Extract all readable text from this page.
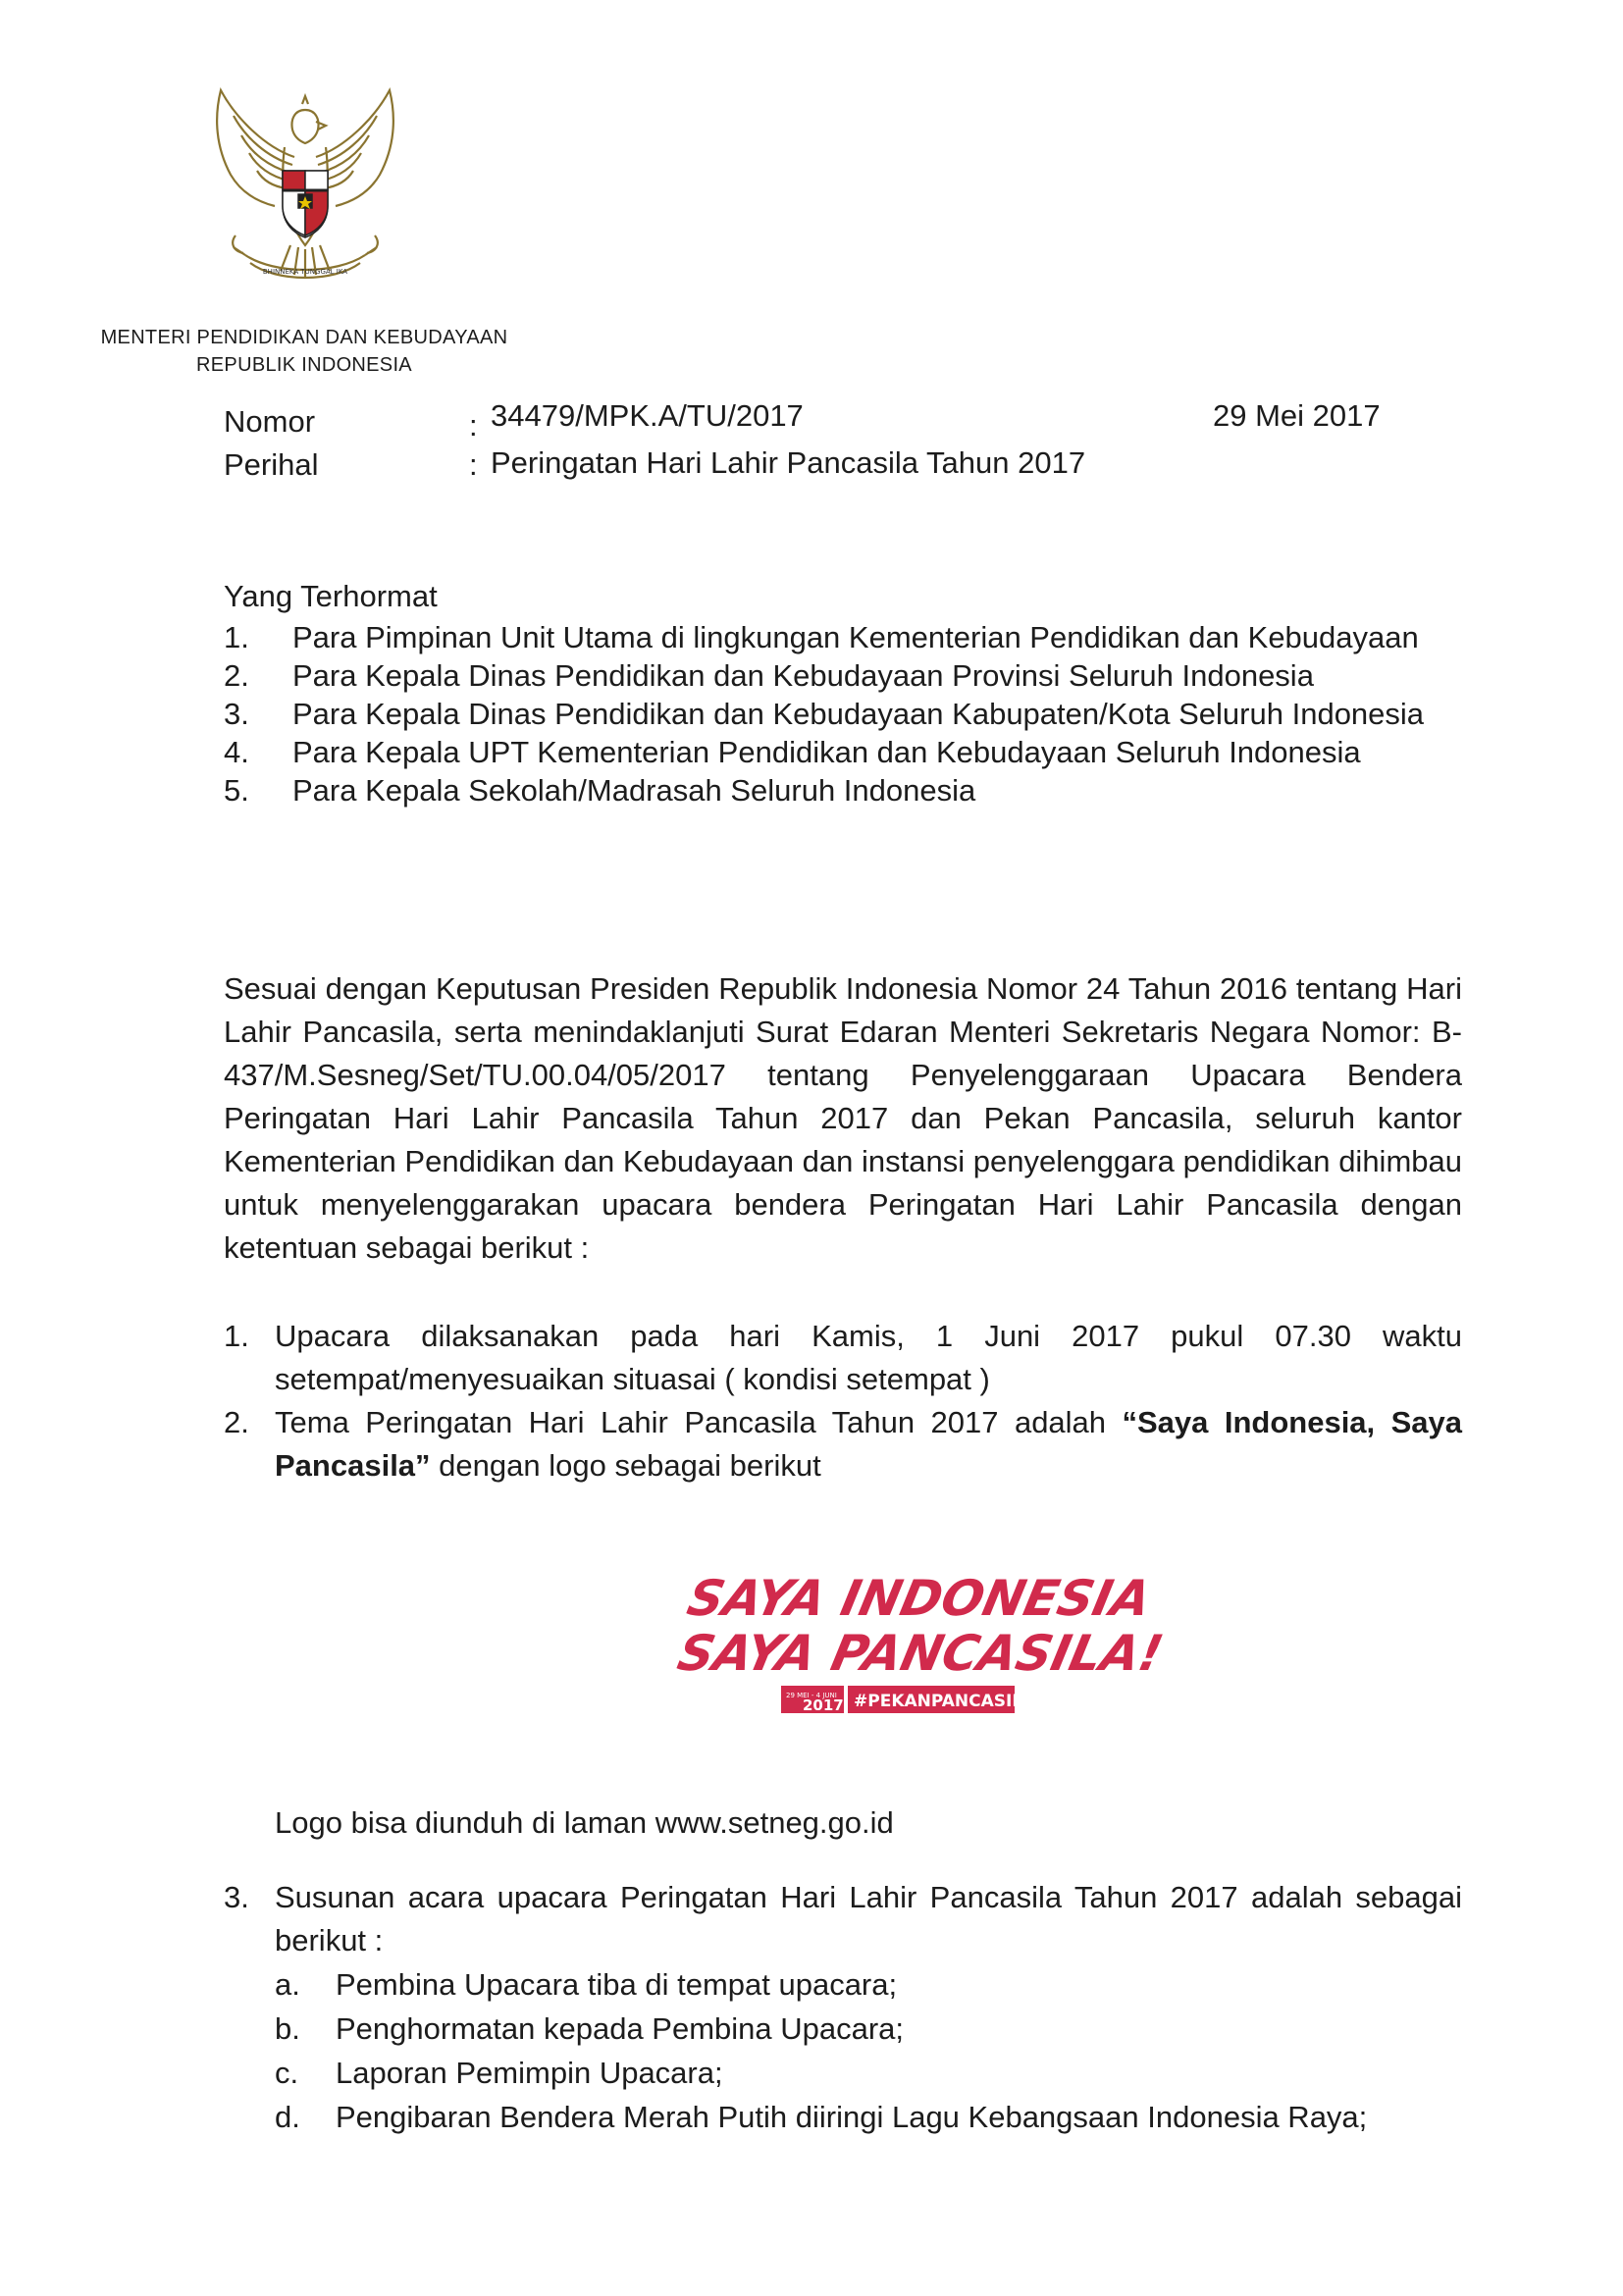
BHINNEKA TUNGGAL IKA
MENTERI PENDIDIKAN DAN KEBUDAYAAN
REPUBLIK INDONESIA
Nomor	: 34479/MPK.A/TU/2017	29 Mei 2017
Perihal	: Peringatan Hari Lahir Pancasila Tahun 2017
Yang Terhormat
1. Para Pimpinan Unit Utama di lingkungan Kementerian Pendidikan dan Kebudayaan
2. Para Kepala Dinas Pendidikan dan Kebudayaan Provinsi Seluruh Indonesia
3. Para Kepala Dinas Pendidikan dan Kebudayaan Kabupaten/Kota Seluruh Indonesia
4. Para Kepala UPT Kementerian Pendidikan dan Kebudayaan Seluruh Indonesia
5. Para Kepala Sekolah/Madrasah Seluruh Indonesia

Sesuai dengan Keputusan Presiden Republik Indonesia Nomor 24 Tahun 2016 tentang Hari Lahir Pancasila, serta menindaklanjuti Surat Edaran Menteri Sekretaris Negara Nomor: B-437/M.Sesneg/Set/TU.00.04/05/2017 tentang Penyelenggaraan Upacara Bendera Peringatan Hari Lahir Pancasila Tahun 2017 dan Pekan Pancasila, seluruh kantor Kementerian Pendidikan dan Kebudayaan dan instansi penyelenggara pendidikan dihimbau untuk menyelenggarakan upacara bendera Peringatan Hari Lahir Pancasila dengan ketentuan sebagai berikut :

1. Upacara dilaksanakan pada hari Kamis, 1 Juni 2017 pukul 07.30 waktu setempat/menyesuaikan situasai ( kondisi setempat )
2. Tema Peringatan Hari Lahir Pancasila Tahun 2017 adalah “Saya Indonesia, Saya Pancasila” dengan logo sebagai berikut
SAYA INDONESIA
SAYA PANCASILA!
29 MEI - 4 JUNI
2017 #PEKANPANCASILA
Logo bisa diunduh di laman www.setneg.go.id
3. Susunan acara upacara Peringatan Hari Lahir Pancasila Tahun 2017 adalah sebagai berikut :
a. Pembina Upacara tiba di tempat upacara;
b. Penghormatan kepada Pembina Upacara;
c. Laporan Pemimpin Upacara;
d. Pengibaran Bendera Merah Putih diiringi Lagu Kebangsaan Indonesia Raya;
